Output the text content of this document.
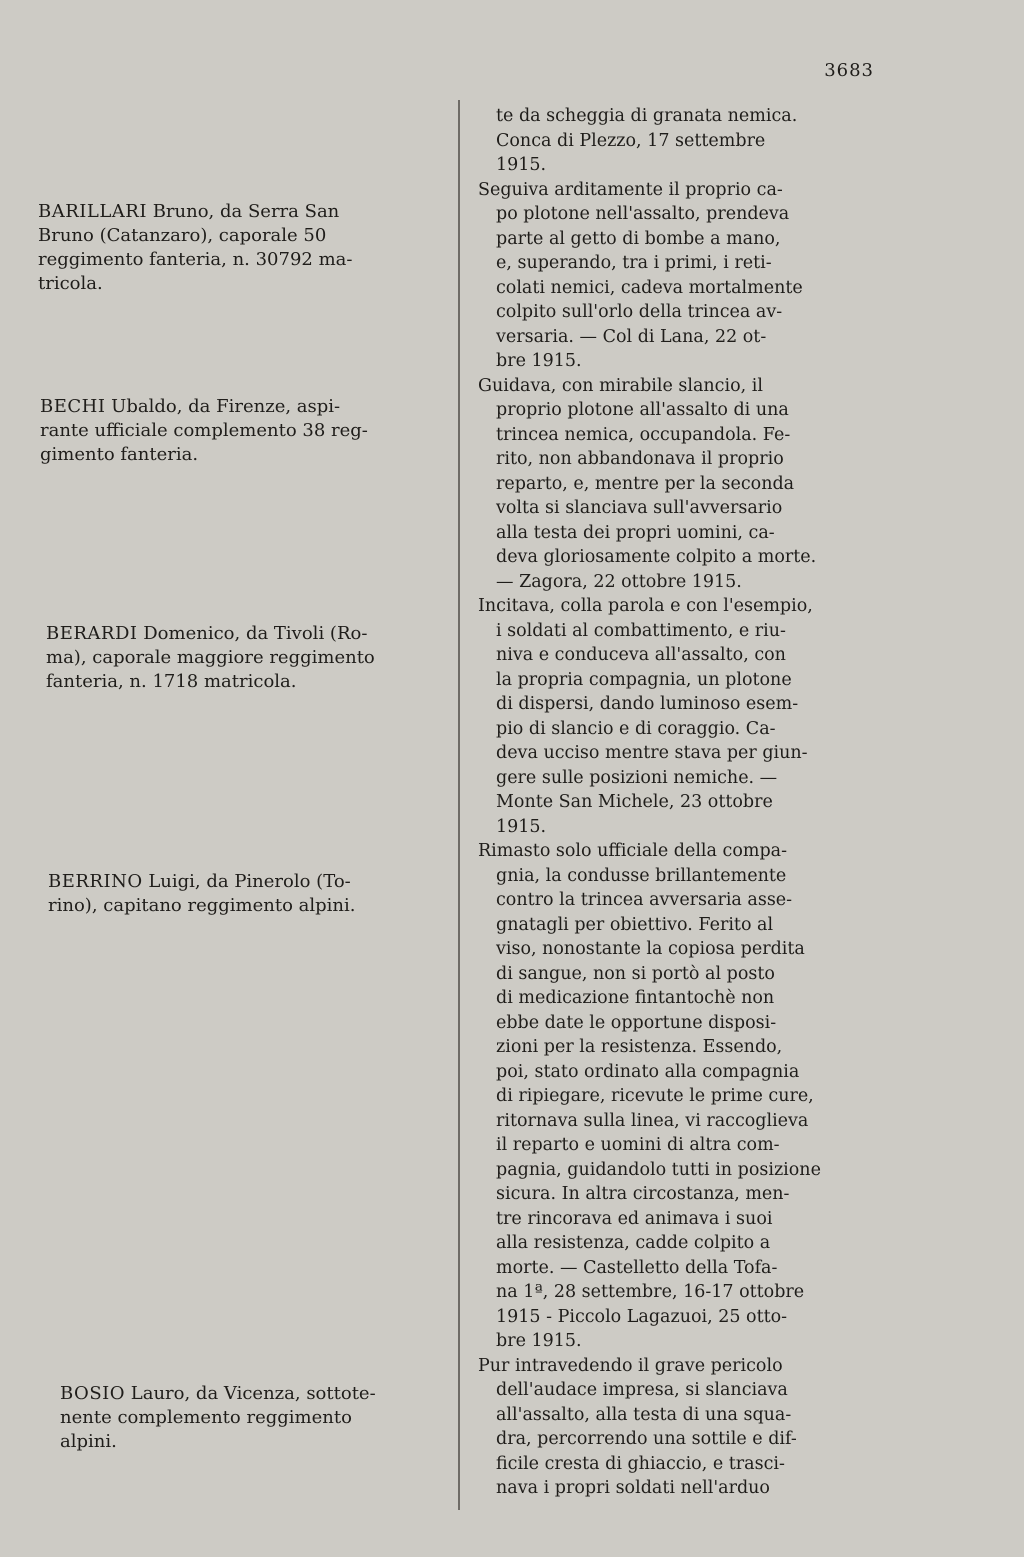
3683

BARILLARI Bruno, da Serra San
Bruno (Catanzaro), caporale 50
reggimento fanteria, n. 30792 ma-
tricola.

BECHI Ubaldo, da Firenze, aspi-
rante ufficiale complemento 38 reg-
gimento fanteria.

BERARDI Domenico, da Tivoli (Ro-
ma), caporale maggiore reggimento
fanteria, n. 1718 matricola.

BERRINO Luigi, da Pinerolo (To-
rino), capitano reggimento alpini.

BOSIO Lauro, da Vicenza, sottote-
nente complemento reggimento
alpini.

te da scheggia di granata nemica.
Conca di Plezzo, 17 settembre
1915.

Seguiva arditamente il proprio ca-
po plotone nell'assalto, prendeva
parte al getto di bombe a mano,
e, superando, tra i primi, i reti-
colati nemici, cadeva mortalmente
colpito sull'orlo della trincea av-
versaria. — Col di Lana, 22 ot-
bre 1915.

Guidava, con mirabile slancio, il
proprio plotone all'assalto di una
trincea nemica, occupandola. Fe-
rito, non abbandonava il proprio
reparto, e, mentre per la seconda
volta si slanciava sull'avversario
alla testa dei propri uomini, ca-
deva gloriosamente colpito a morte.
— Zagora, 22 ottobre 1915.

Incitava, colla parola e con l'esempio,
i soldati al combattimento, e riu-
niva e conduceva all'assalto, con
la propria compagnia, un plotone
di dispersi, dando luminoso esem-
pio di slancio e di coraggio. Ca-
deva ucciso mentre stava per giun-
gere sulle posizioni nemiche. —
Monte San Michele, 23 ottobre
1915.

Rimasto solo ufficiale della compa-
gnia, la condusse brillantemente
contro la trincea avversaria asse-
gnatagli per obiettivo. Ferito al
viso, nonostante la copiosa perdita
di sangue, non si portò al posto
di medicazione fintantochè non
ebbe date le opportune disposi-
zioni per la resistenza. Essendo,
poi, stato ordinato alla compagnia
di ripiegare, ricevute le prime cure,
ritornava sulla linea, vi raccoglieva
il reparto e uomini di altra com-
pagnia, guidandolo tutti in posizione
sicura. In altra circostanza, men-
tre rincorava ed animava i suoi
alla resistenza, cadde colpito a
morte. — Castelletto della Tofa-
na 1ª, 28 settembre, 16-17 ottobre
1915 - Piccolo Lagazuoi, 25 otto-
bre 1915.

Pur intravedendo il grave pericolo
dell'audace impresa, si slanciava
all'assalto, alla testa di una squa-
dra, percorrendo una sottile e dif-
ficile cresta di ghiaccio, e trasci-
nava i propri soldati nell'arduo
